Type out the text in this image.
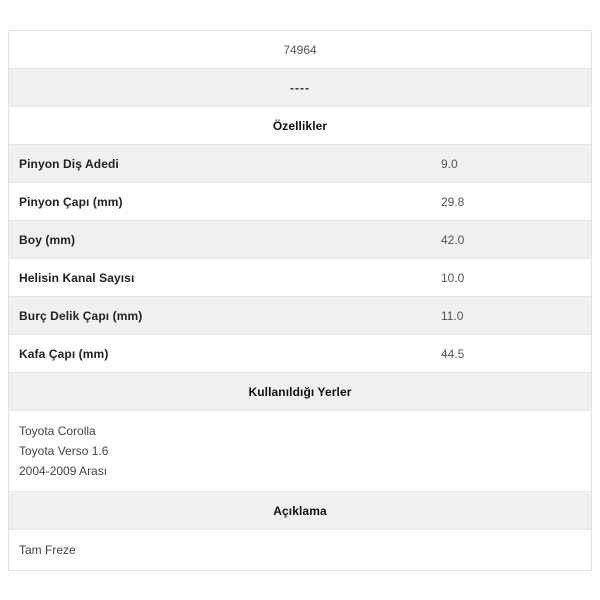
74964
----
Özellikler
Pinyon Diş Adedi	9.0
Pinyon Çapı (mm)	29.8
Boy (mm)	42.0
Helisin Kanal Sayısı	10.0
Burç Delik Çapı (mm)	11.0
Kafa Çapı (mm)	44.5
Kullanıldığı Yerler
Toyota Corolla
Toyota Verso 1.6
2004-2009 Arası
Açıklama
Tam Freze
